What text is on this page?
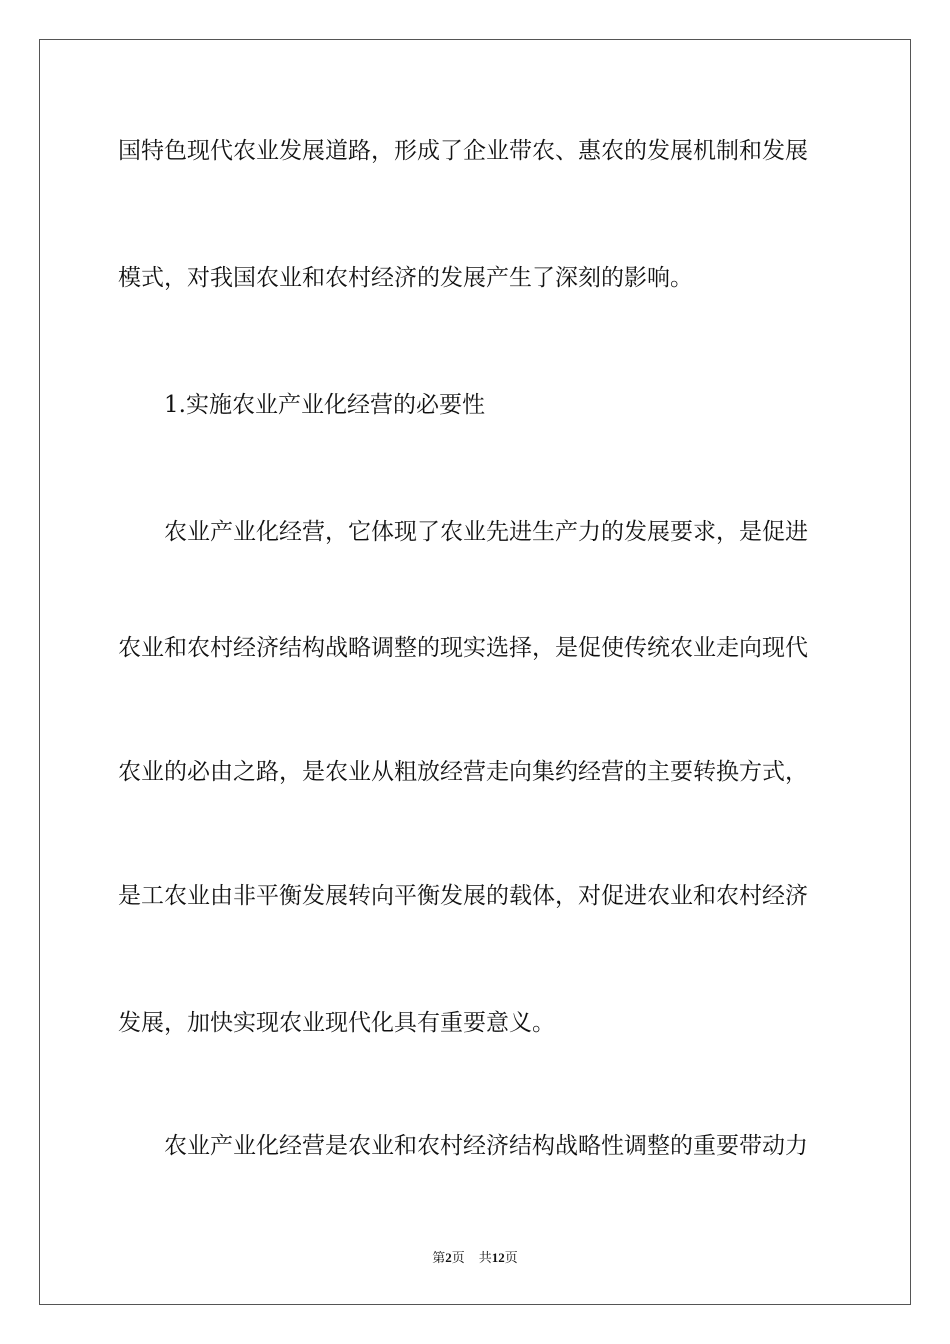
国特色现代农业发展道路，形成了企业带农、惠农的发展机制和发展

模式，对我国农业和农村经济的发展产生了深刻的影响。

1.实施农业产业化经营的必要性

农业产业化经营，它体现了农业先进生产力的发展要求，是促进

农业和农村经济结构战略调整的现实选择，是促使传统农业走向现代

农业的必由之路，是农业从粗放经营走向集约经营的主要转换方式，

是工农业由非平衡发展转向平衡发展的载体，对促进农业和农村经济

发展，加快实现农业现代化具有重要意义。

农业产业化经营是农业和农村经济结构战略性调整的重要带动力

第2页 共12页
